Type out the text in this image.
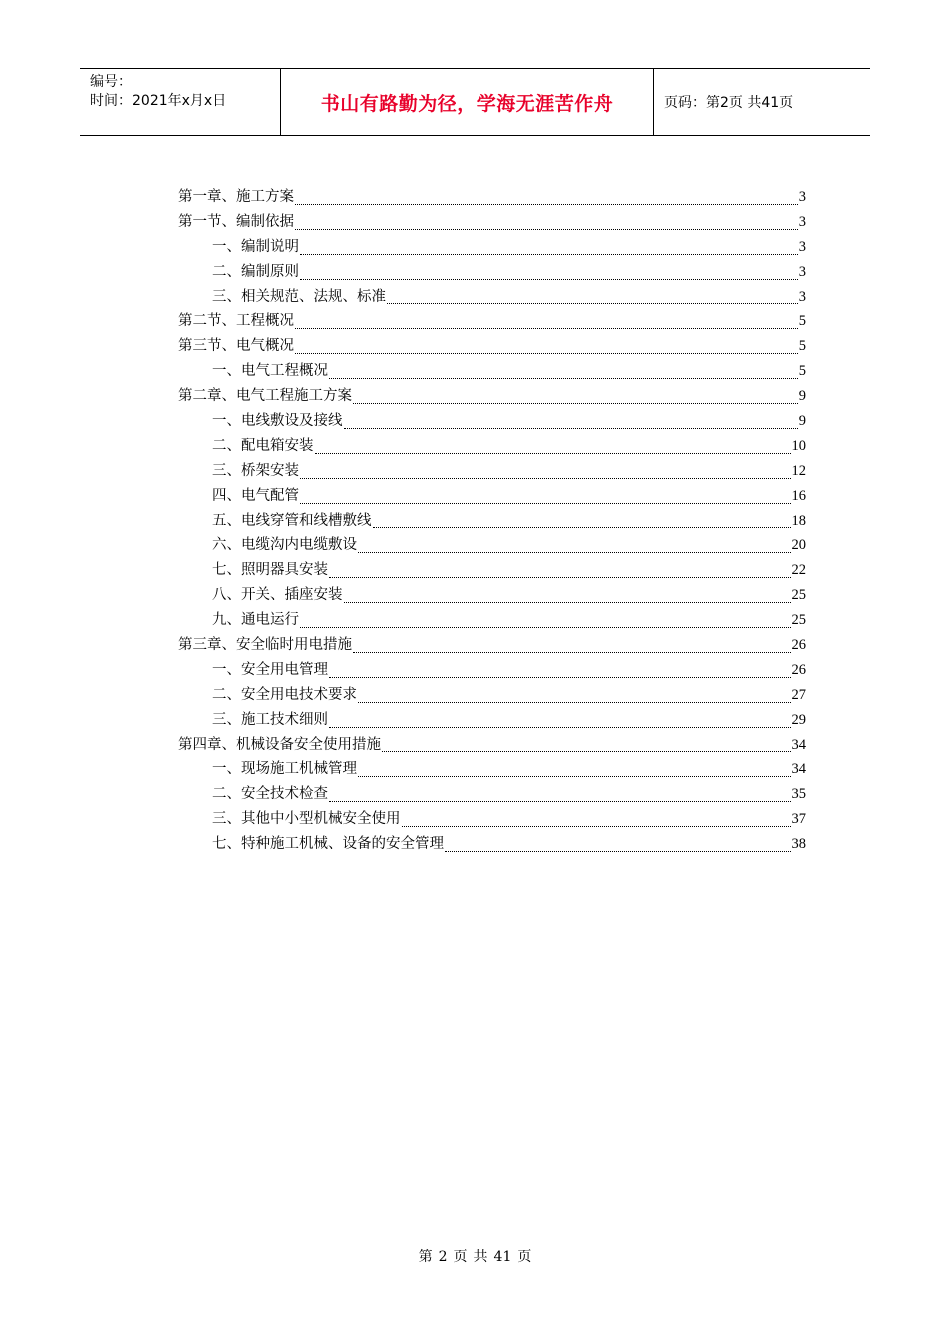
编号：
时间：2021年x月x日	书山有路勤为径，学海无涯苦作舟	页码：第2页 共41页
第一章、施工方案	3
第一节、编制依据	3
一、编制说明	3
二、编制原则	3
三、相关规范、法规、标准	3
第二节、工程概况	5
第三节、电气概况	5
一、电气工程概况	5
第二章、电气工程施工方案	9
一、电线敷设及接线	9
二、配电箱安装	10
三、桥架安装	12
四、电气配管	16
五、电线穿管和线槽敷线	18
六、电缆沟内电缆敷设	20
七、照明器具安装	22
八、开关、插座安装	25
九、通电运行	25
第三章、安全临时用电措施	26
一、安全用电管理	26
二、安全用电技术要求	27
三、施工技术细则	29
第四章、机械设备安全使用措施	34
一、现场施工机械管理	34
二、安全技术检查	35
三、其他中小型机械安全使用	37
七、特种施工机械、设备的安全管理	38
第 2 页 共 41 页
